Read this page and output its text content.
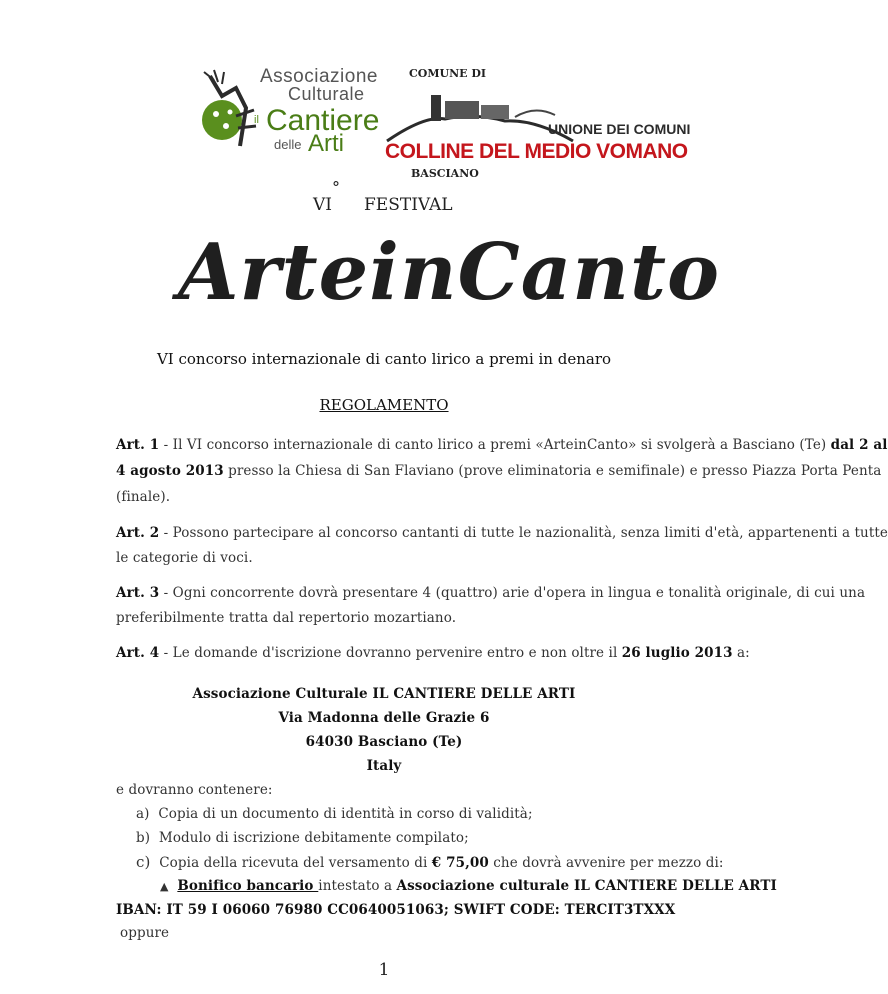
Associazione
Culturale
il Cantiere
delle Arti
COMUNE DI
UNIONE DEI COMUNI
COLLINE DEL MEDIO VOMANO
BASCIANO
VI
°
FESTIVAL
ArteinCanto
VI concorso internazionale di canto lirico a premi in denaro
REGOLAMENTO
Art. 1 - Il VI concorso internazionale di canto lirico a premi «ArteinCanto» si svolgerà a Basciano (Te) dal 2 al
4 agosto 2013 presso la Chiesa di San Flaviano (prove eliminatoria e semifinale) e presso Piazza Porta Penta
(finale).
Art. 2 - Possono partecipare al concorso cantanti di tutte le nazionalità, senza limiti d'età, appartenenti a tutte
le categorie di voci.
Art. 3 - Ogni concorrente dovrà presentare 4 (quattro) arie d'opera in lingua e tonalità originale, di cui una
preferibilmente tratta dal repertorio mozartiano.
Art. 4 - Le domande d'iscrizione dovranno pervenire entro e non oltre il 26 luglio 2013 a:
Associazione Culturale IL CANTIERE DELLE ARTI
Via Madonna delle Grazie 6
64030 Basciano (Te)
Italy
e dovranno contenere:
a) Copia di un documento di identità in corso di validità;
b) Modulo di iscrizione debitamente compilato;
c) Copia della ricevuta del versamento di € 75,00 che dovrà avvenire per mezzo di:
▲ Bonifico bancario intestato a Associazione culturale IL CANTIERE DELLE ARTI
IBAN: IT 59 I 06060 76980 CC0640051063; SWIFT CODE: TERCIT3TXXX
oppure
1
